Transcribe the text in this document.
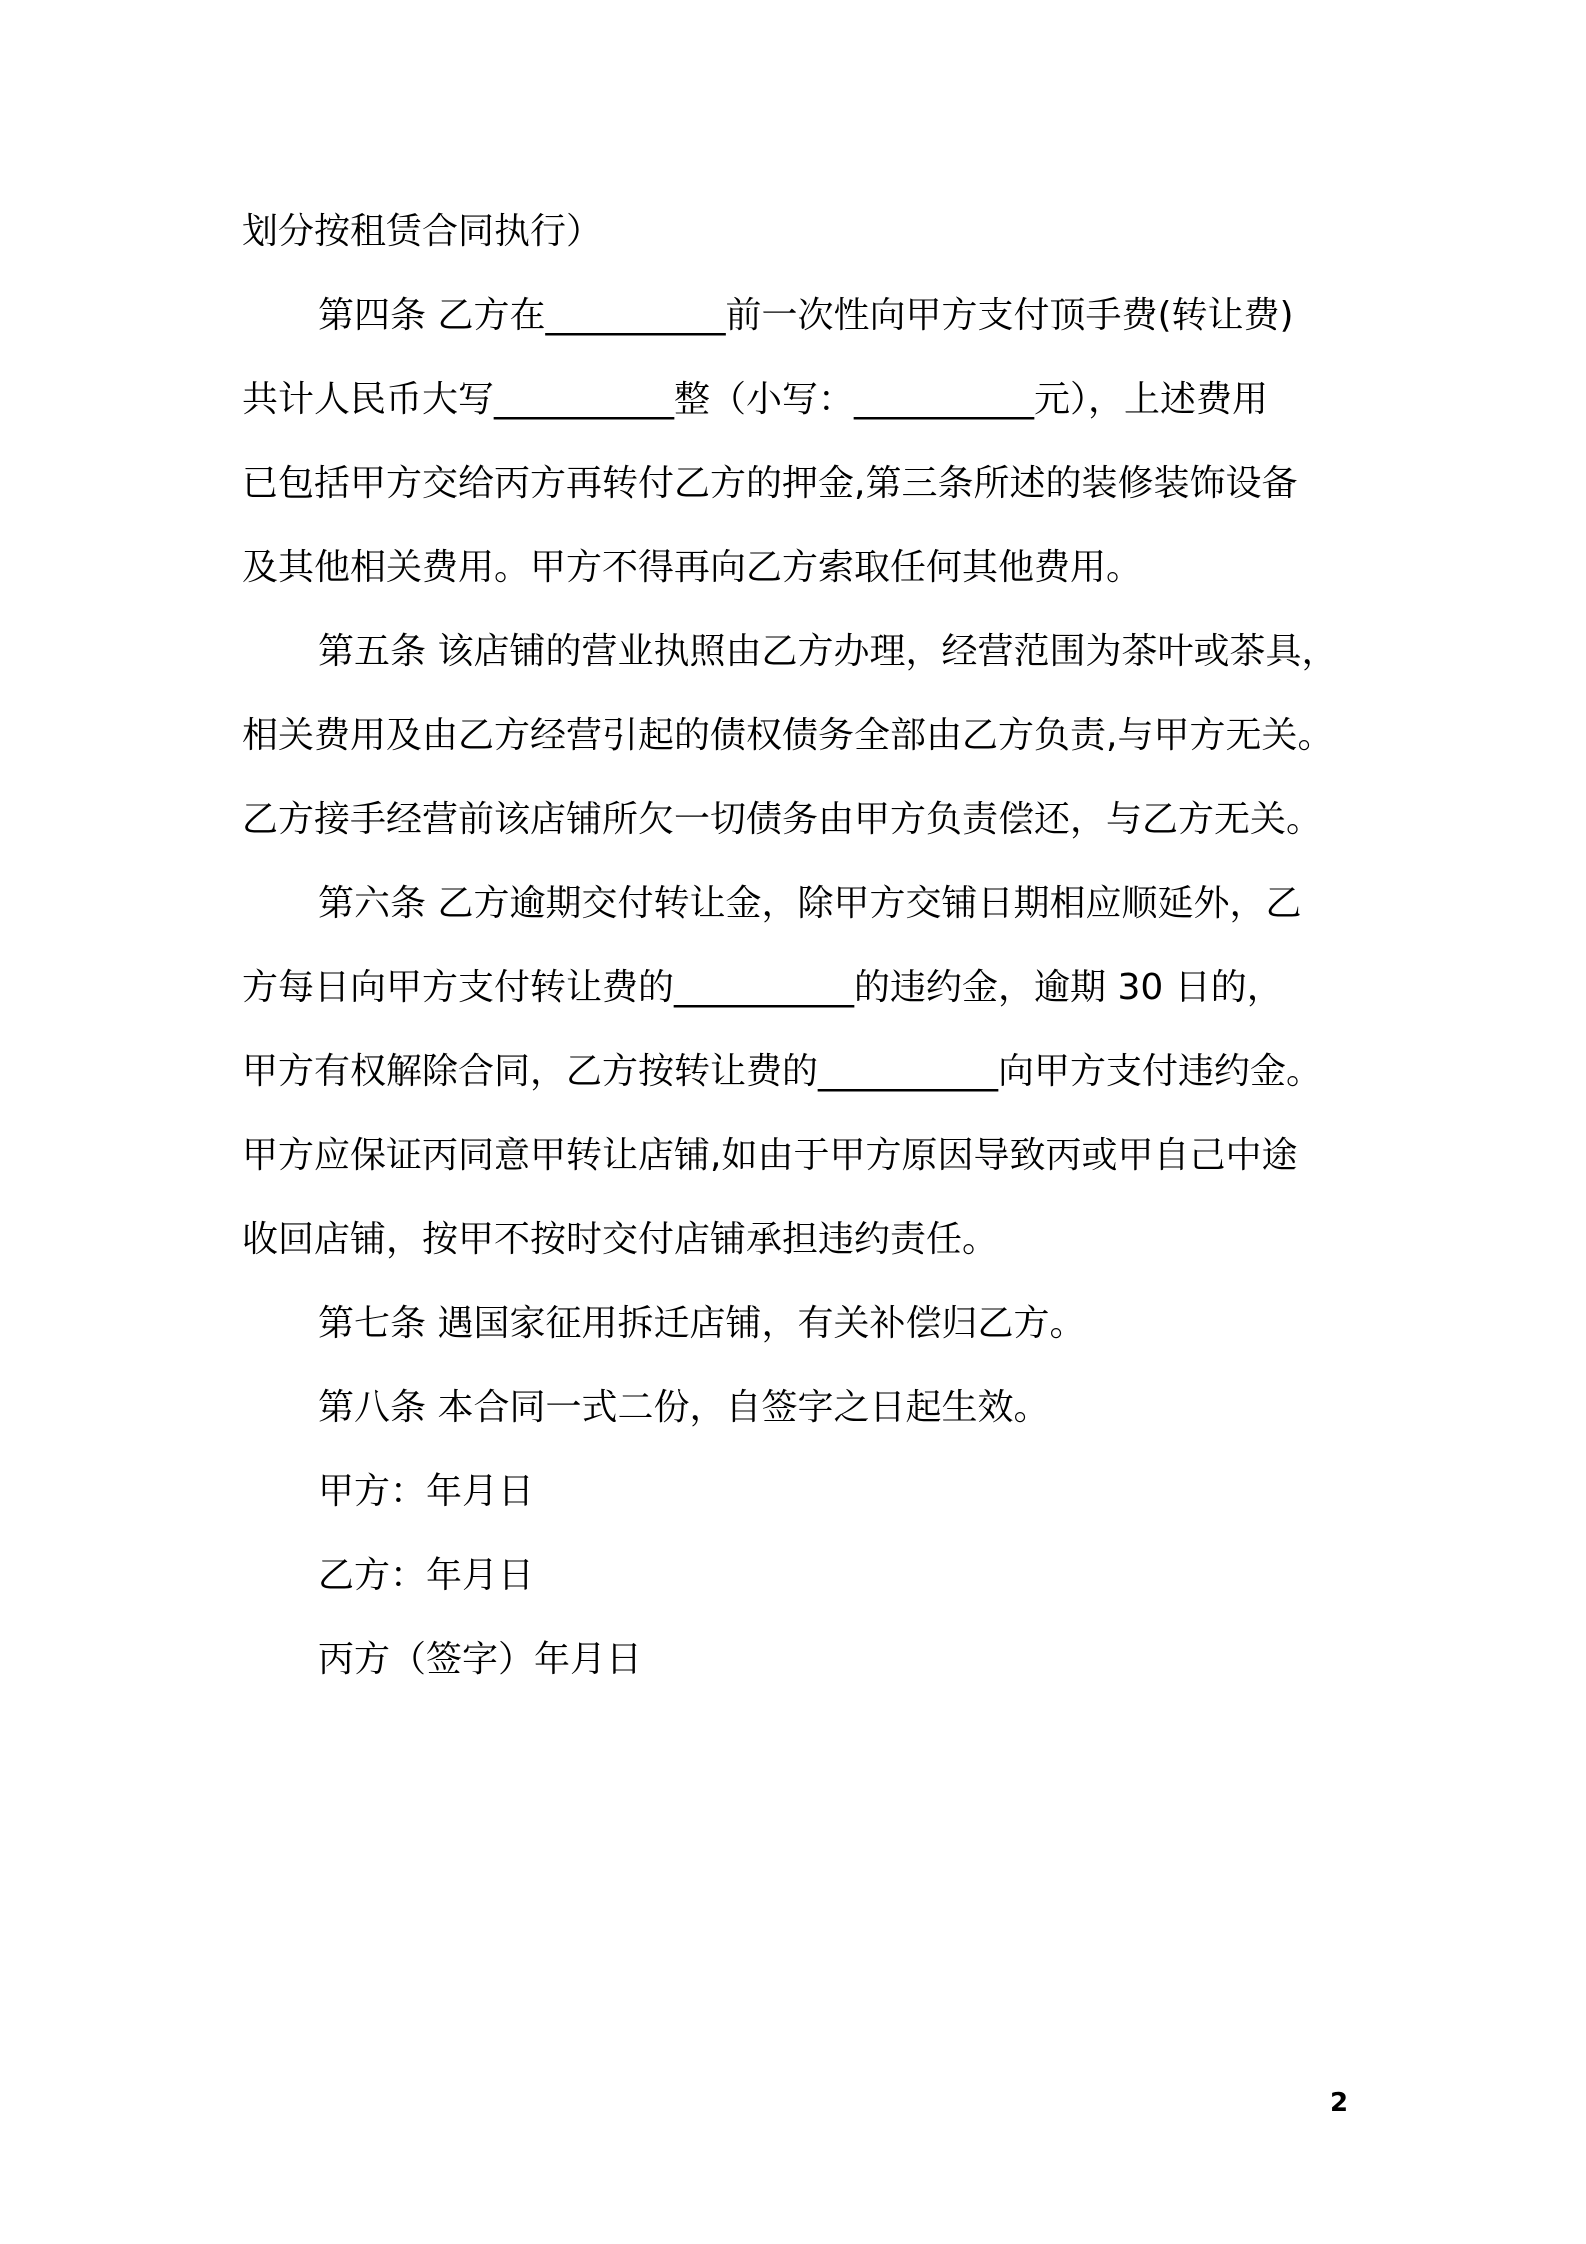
划分按租赁合同执行）
第四条 乙方在__________前一次性向甲方支付顶手费(转让费)
共计人民币大写__________整（小写：__________元），上述费用
已包括甲方交给丙方再转付乙方的押金,第三条所述的装修装饰设备
及其他相关费用。甲方不得再向乙方索取任何其他费用。
第五条 该店铺的营业执照由乙方办理，经营范围为茶叶或茶具，
相关费用及由乙方经营引起的债权债务全部由乙方负责,与甲方无关。
乙方接手经营前该店铺所欠一切债务由甲方负责偿还，与乙方无关。
第六条 乙方逾期交付转让金，除甲方交铺日期相应顺延外，乙
方每日向甲方支付转让费的__________的违约金，逾期 30 日的，
甲方有权解除合同，乙方按转让费的__________向甲方支付违约金。
甲方应保证丙同意甲转让店铺,如由于甲方原因导致丙或甲自己中途
收回店铺，按甲不按时交付店铺承担违约责任。
第七条 遇国家征用拆迁店铺，有关补偿归乙方。
第八条 本合同一式二份，自签字之日起生效。
甲方：年月日
乙方：年月日
丙方（签字）年月日
2
